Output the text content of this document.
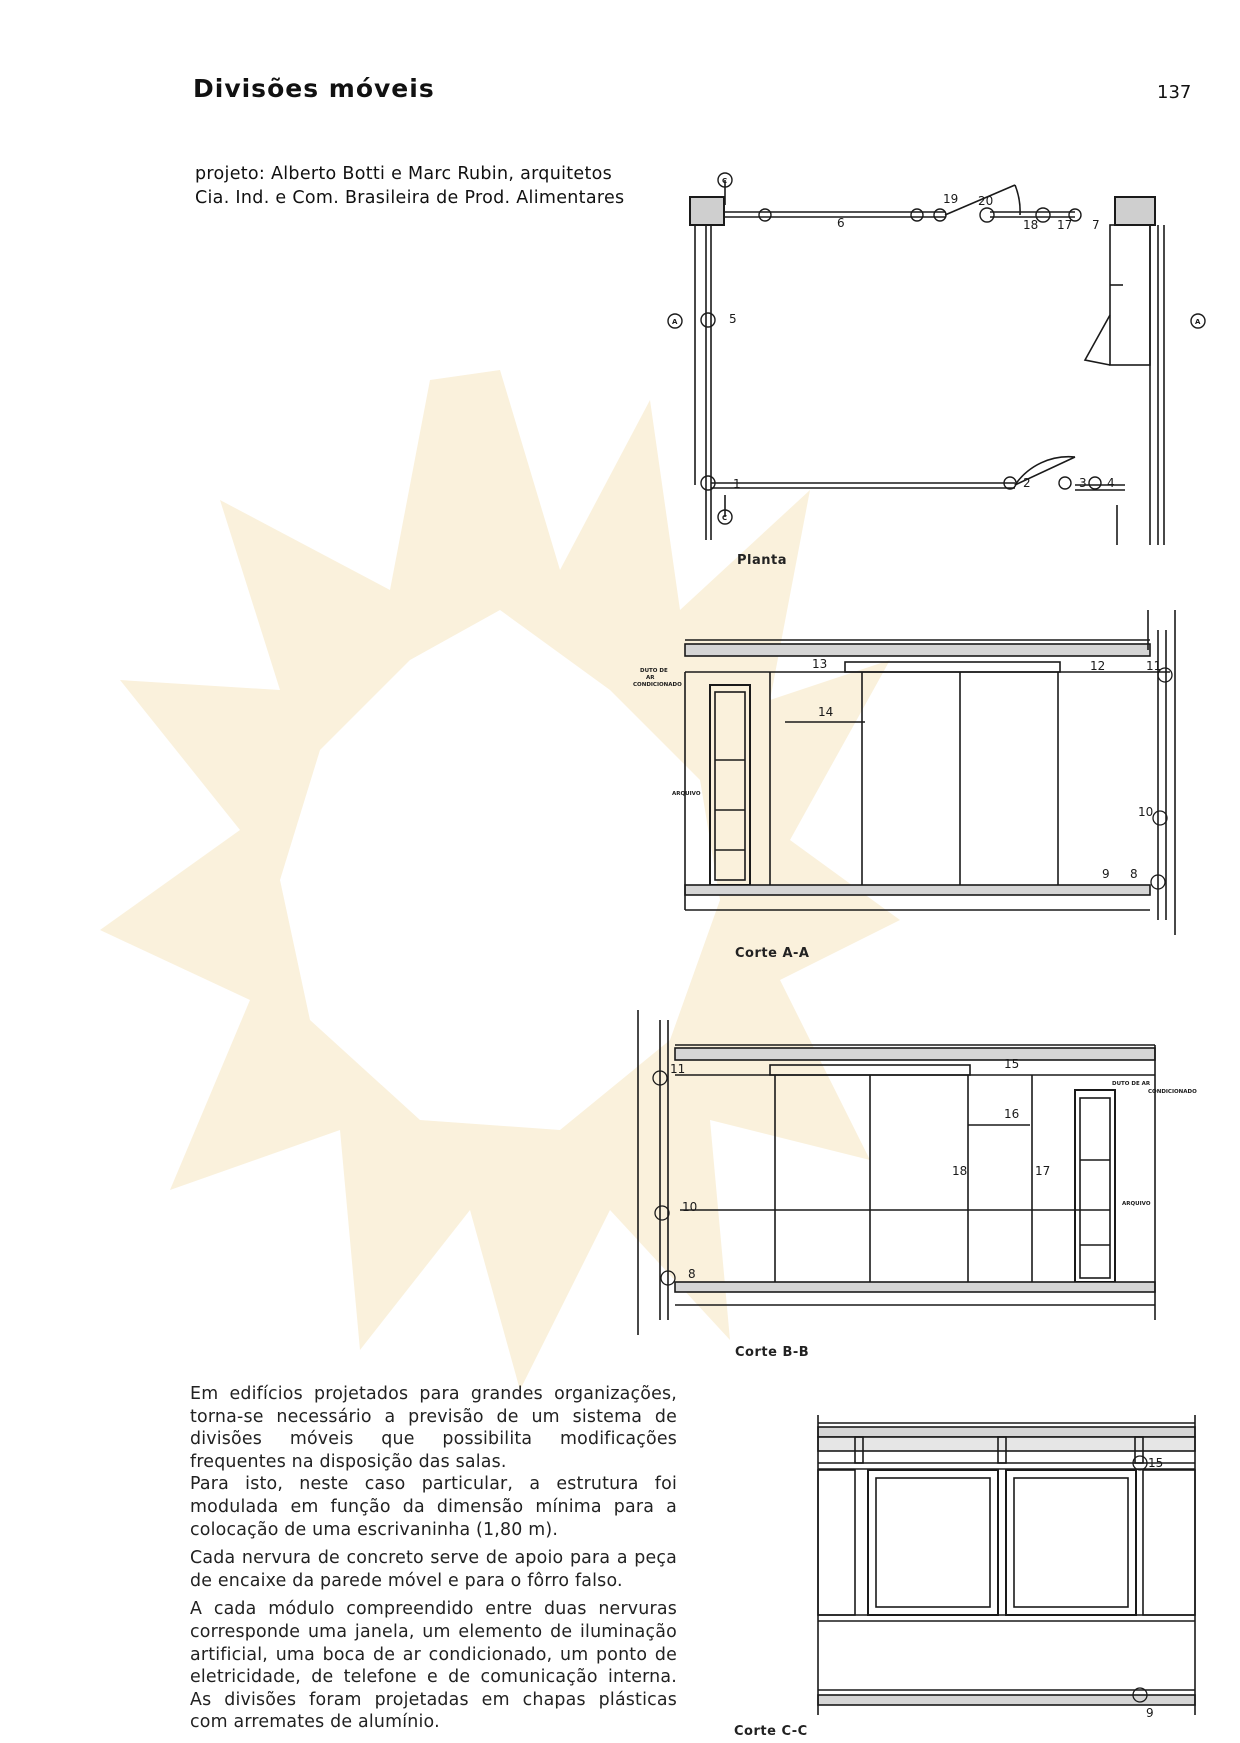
Divisões móveis	137
projeto: Alberto Botti e Marc Rubin, arquitetos
Cia. Ind. e Com. Brasileira de Prod. Alimentares
1	2	3 4
5
6	7
17
18
19 20
C
C
A	A
Planta
8
9
10
11
12
13
14
DUTO DE
AR
CONDICIONADO
ARQUIVO
Corte A-A
8
10
11	15
16
17
18
DUTO DE AR
CONDICIONADO
ARQUIVO
Corte B-B
9
15
Corte C-C

Em edifícios projetados para grandes organizações, torna-se necessário a previsão de um sistema de divisões móveis que possibilita modificações frequentes na disposição das salas.

Para isto, neste caso particular, a estrutura foi modulada em função da dimensão mínima para a colocação de uma escrivaninha (1,80 m).

Cada nervura de concreto serve de apoio para a peça de encaixe da parede móvel e para o fôrro falso.

A cada módulo compreendido entre duas nervuras corresponde uma janela, um elemento de iluminação artificial, uma boca de ar condicionado, um ponto de eletricidade, de telefone e de comunicação interna. As divisões foram projetadas em chapas plásticas com arremates de alumínio.
